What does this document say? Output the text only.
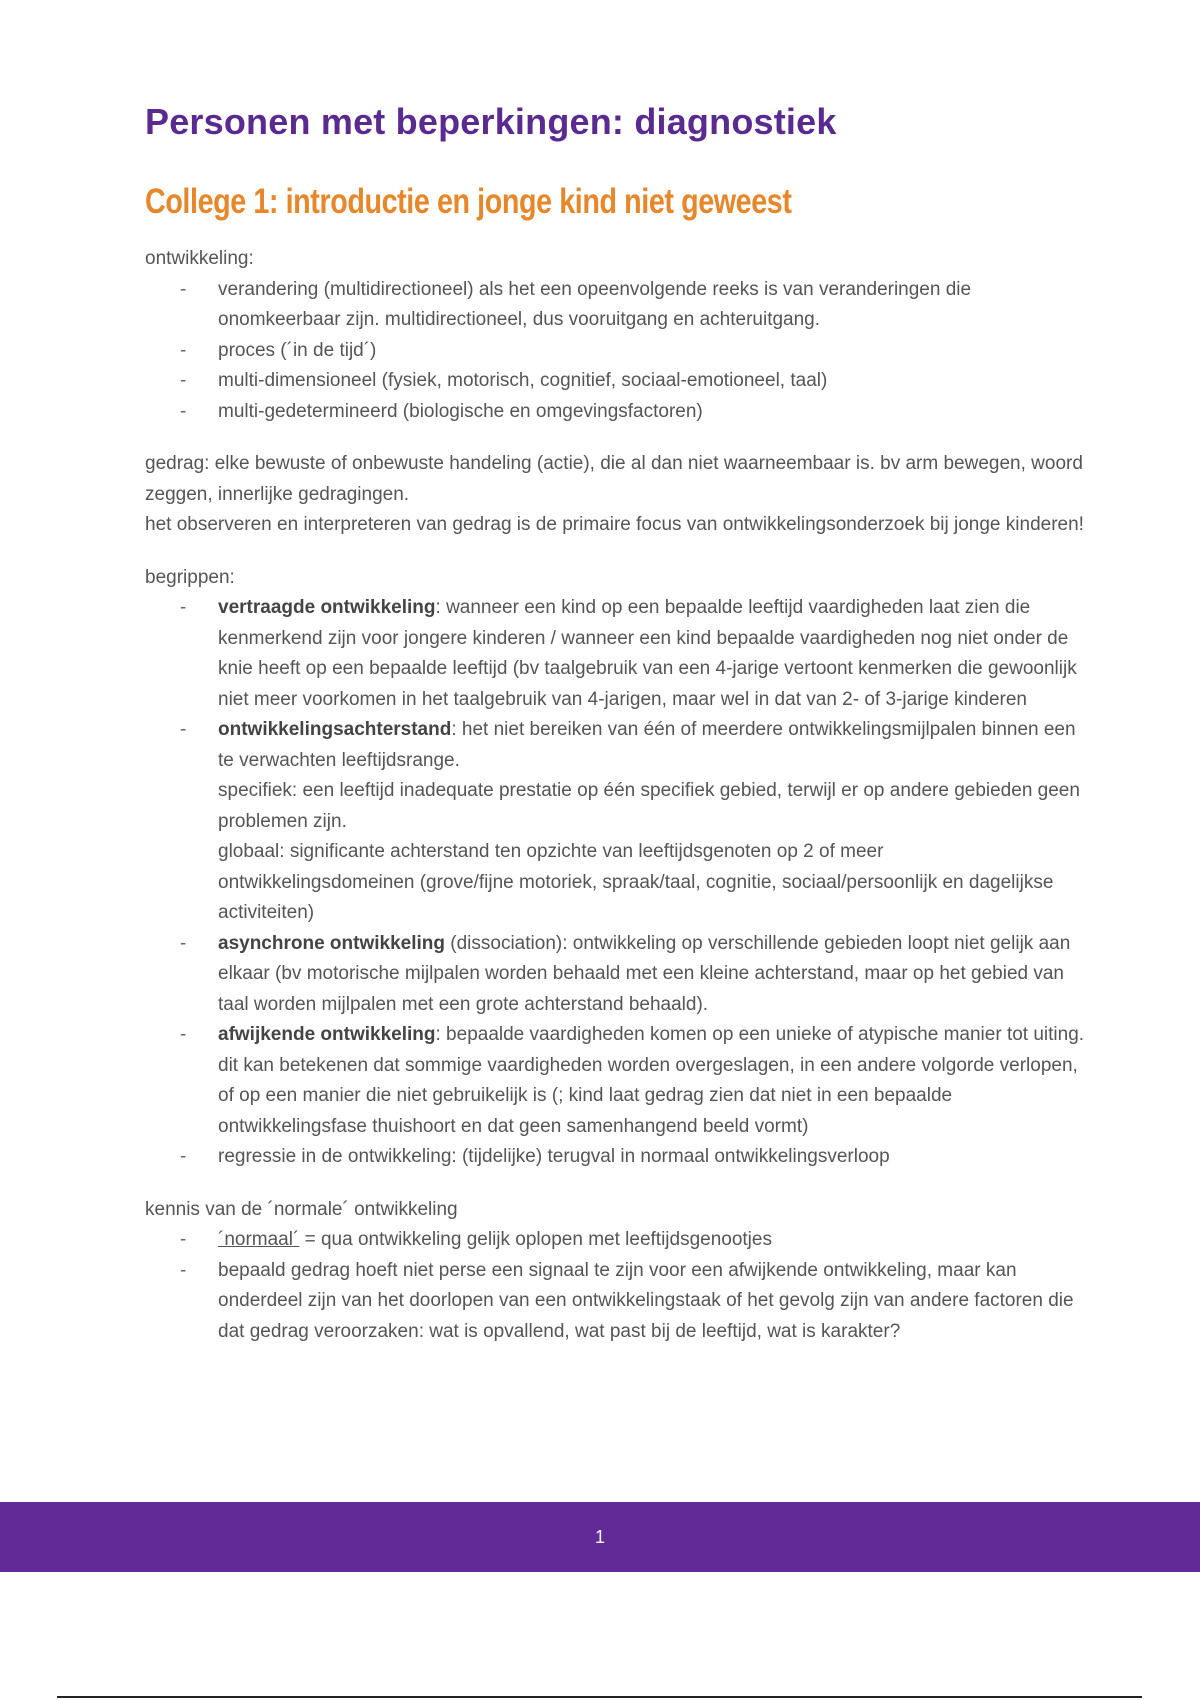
Personen met beperkingen: diagnostiek
College 1: introductie en jonge kind niet geweest

ontwikkeling:

- verandering (multidirectioneel) als het een opeenvolgende reeks is van veranderingen die onomkeerbaar zijn. multidirectioneel, dus vooruitgang en achteruitgang.
- proces (´in de tijd´)
- multi-dimensioneel (fysiek, motorisch, cognitief, sociaal-emotioneel, taal)
- multi-gedetermineerd (biologische en omgevingsfactoren)

gedrag: elke bewuste of onbewuste handeling (actie), die al dan niet waarneembaar is. bv arm bewegen, woord zeggen, innerlijke gedragingen.
het observeren en interpreteren van gedrag is de primaire focus van ontwikkelingsonderzoek bij jonge kinderen!

begrippen:

- vertraagde ontwikkeling: wanneer een kind op een bepaalde leeftijd vaardigheden laat zien die kenmerkend zijn voor jongere kinderen / wanneer een kind bepaalde vaardigheden nog niet onder de knie heeft op een bepaalde leeftijd (bv taalgebruik van een 4-jarige vertoont kenmerken die gewoonlijk niet meer voorkomen in het taalgebruik van 4-jarigen, maar wel in dat van 2- of 3-jarige kinderen
- ontwikkelingsachterstand: het niet bereiken van één of meerdere ontwikkelingsmijlpalen binnen een te verwachten leeftijdsrange.
specifiek: een leeftijd inadequate prestatie op één specifiek gebied, terwijl er op andere gebieden geen problemen zijn.
globaal: significante achterstand ten opzichte van leeftijdsgenoten op 2 of meer ontwikkelingsdomeinen (grove/fijne motoriek, spraak/taal, cognitie, sociaal/persoonlijk en dagelijkse activiteiten)
- asynchrone ontwikkeling (dissociation): ontwikkeling op verschillende gebieden loopt niet gelijk aan elkaar (bv motorische mijlpalen worden behaald met een kleine achterstand, maar op het gebied van taal worden mijlpalen met een grote achterstand behaald).
- afwijkende ontwikkeling: bepaalde vaardigheden komen op een unieke of atypische manier tot uiting. dit kan betekenen dat sommige vaardigheden worden overgeslagen, in een andere volgorde verlopen, of op een manier die niet gebruikelijk is (; kind laat gedrag zien dat niet in een bepaalde ontwikkelingsfase thuishoort en dat geen samenhangend beeld vormt)
- regressie in de ontwikkeling: (tijdelijke) terugval in normaal ontwikkelingsverloop

kennis van de ´normale´ ontwikkeling

- ´normaal´ = qua ontwikkeling gelijk oplopen met leeftijdsgenootjes
- bepaald gedrag hoeft niet perse een signaal te zijn voor een afwijkende ontwikkeling, maar kan onderdeel zijn van het doorlopen van een ontwikkelingstaak of het gevolg zijn van andere factoren die dat gedrag veroorzaken: wat is opvallend, wat past bij de leeftijd, wat is karakter?
1
